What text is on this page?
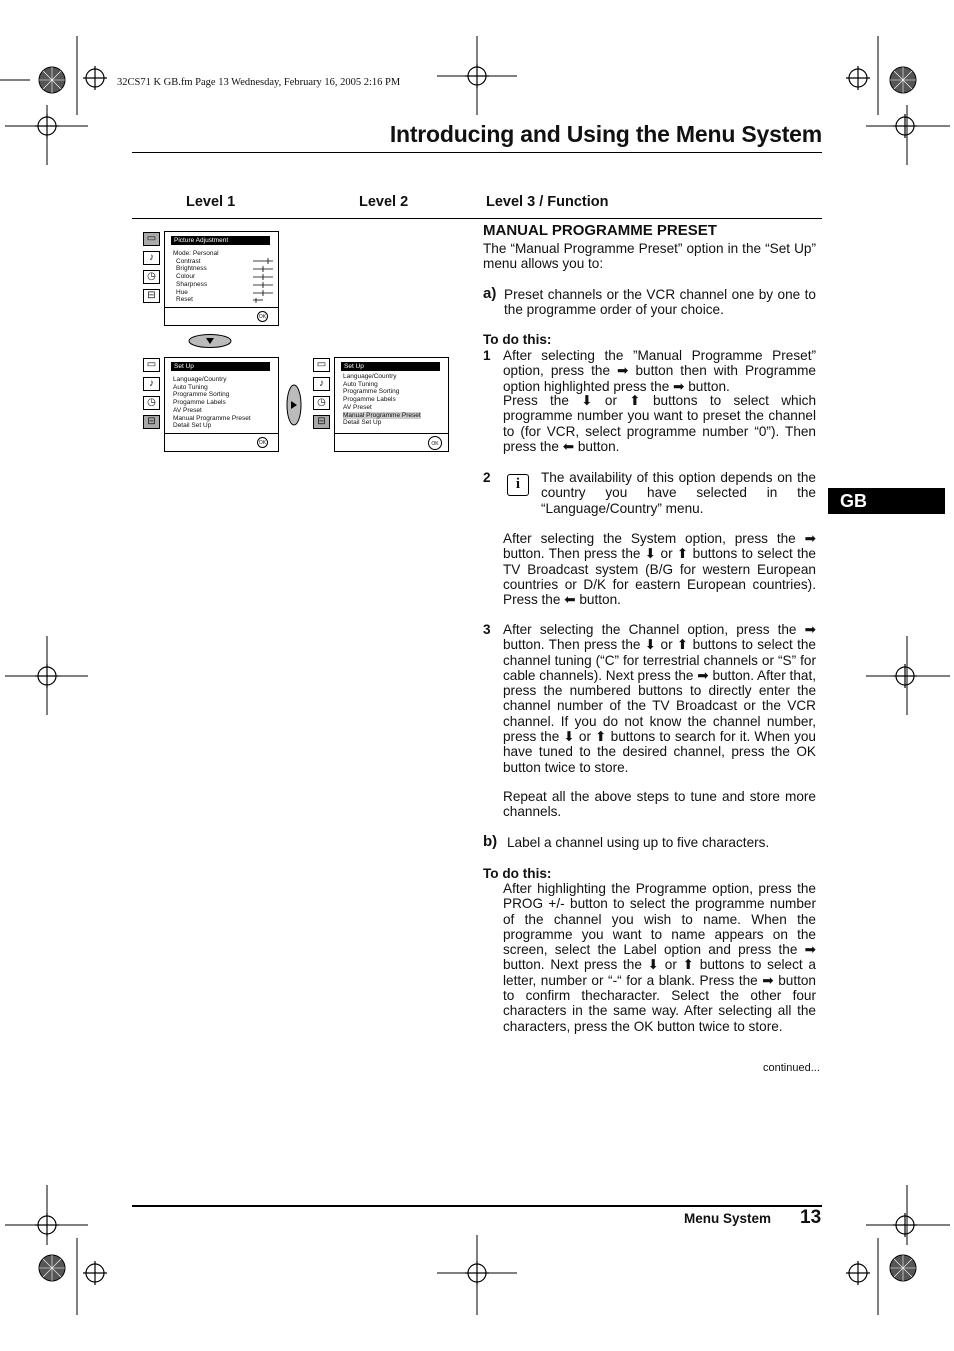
32CS71 K GB.fm Page 13 Wednesday, February 16, 2005 2:16 PM
Introducing and Using the Menu System
Level 1	Level 2	Level 3 / Function
GB
▭
♪
◷
⊟
Picture Adjustment
Mode: Personal
Contrast
Brightness
Colour
Sharpness
Hue
Reset
OK
▭
♪
◷
⊟
Set Up
Language/Country
Auto Tuning
Programme Sorting
Progamme Labels
AV Preset
Manual Programme Preset
Detail Set Up
OK
▭
♪
◷
⊟
Set Up
Language/Country
Auto Tuning
Programme Sorting
Progamme Labels
AV Preset
Manual Programme Preset
Detail Set Up
OK
MANUAL PROGRAMME PRESET
The “Manual Programme Preset” option in the “Set Up” menu allows you to:
a) Preset channels or the VCR channel one by one to the programme order of your choice.
To do this:
1 After selecting the ”Manual Programme Preset” option, press the ➡ button then with Programme option highlighted press the ➡ button.
Press the ⬇ or ⬆ buttons to select which programme number you want to preset the channel to (for VCR, select programme number “0”). Then press the ⬅ button.
2	i	The availability of this option depends on the country you have selected in the “Language/Country” menu.
After selecting the System option, press the ➡ button. Then press the ⬇ or ⬆ buttons to select the TV Broadcast system (B/G for western European countries or D/K for eastern European countries). Press the ⬅ button.
3 After selecting the Channel option, press the ➡ button. Then press the ⬇ or ⬆ buttons to select the channel tuning (“C” for terrestrial channels or “S” for cable channels). Next press the ➡ button. After that, press the numbered buttons to directly enter the channel number of the TV Broadcast or the VCR channel. If you do not know the channel number, press the ⬇ or ⬆ buttons to search for it. When you have tuned to the desired channel, press the OK button twice to store.
Repeat all the above steps to tune and store more channels.
b) Label a channel using up to five characters.
To do this:
After highlighting the Programme option, press the PROG +/- button to select the programme number of the channel you wish to name. When the programme you want to name appears on the screen, select the Label option and press the ➡ button. Next press the ⬇ or ⬆ buttons to select a letter, number or “-“ for a blank. Press the ➡ button to confirm thecharacter. Select the other four characters in the same way. After selecting all the characters, press the OK button twice to store.
continued...
Menu System 13
